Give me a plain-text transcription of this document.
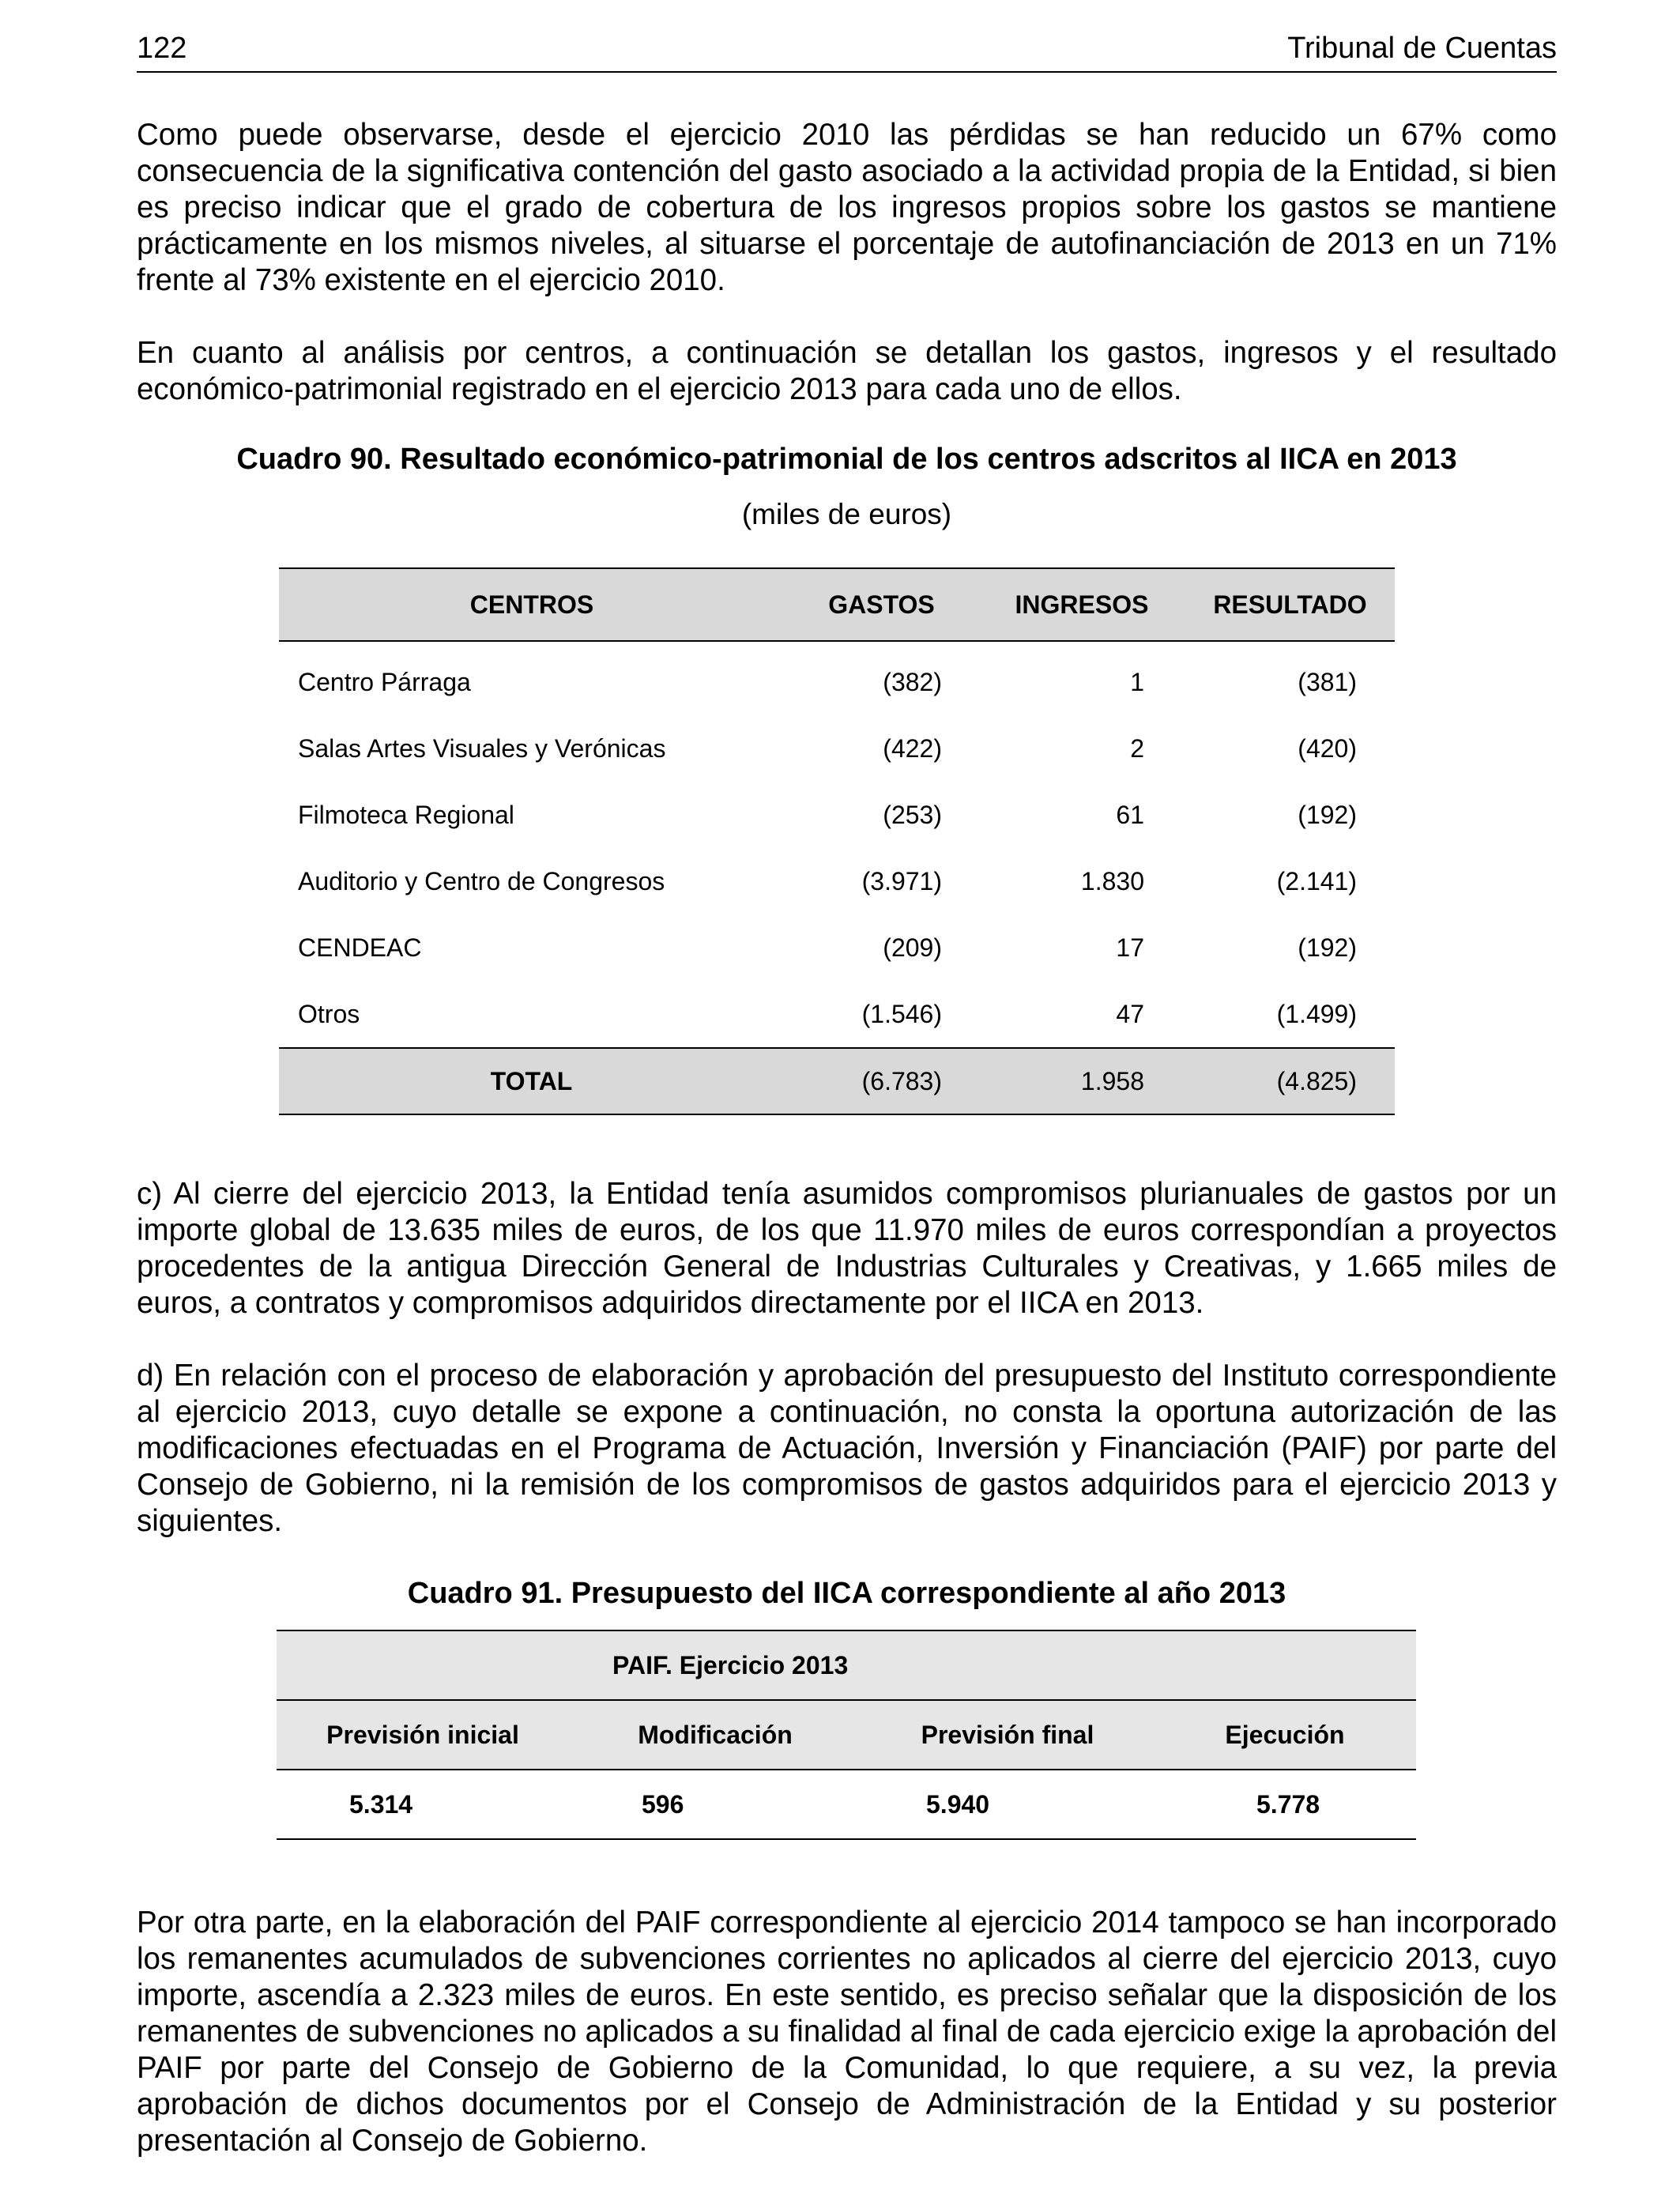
122	Tribunal de Cuentas

Como puede observarse, desde el ejercicio 2010 las pérdidas se han reducido un 67% como consecuencia de la significativa contención del gasto asociado a la actividad propia de la Entidad, si bien es preciso indicar que el grado de cobertura de los ingresos propios sobre los gastos se mantiene prácticamente en los mismos niveles, al situarse el porcentaje de autofinanciación de 2013 en un 71% frente al 73% existente en el ejercicio 2010.

En cuanto al análisis por centros, a continuación se detallan los gastos, ingresos y el resultado económico-patrimonial registrado en el ejercicio 2013 para cada uno de ellos.

Cuadro 90. Resultado económico-patrimonial de los centros adscritos al IICA en 2013

(miles de euros)

CENTROS	GASTOS	INGRESOS	RESULTADO
Centro Párraga	(382)	1	(381)
Salas Artes Visuales y Verónicas	(422)	2	(420)
Filmoteca Regional	(253)	61	(192)
Auditorio y Centro de Congresos	(3.971)	1.830	(2.141)
CENDEAC	(209)	17	(192)
Otros	(1.546)	47	(1.499)
TOTAL	(6.783)	1.958	(4.825)

c) Al cierre del ejercicio 2013, la Entidad tenía asumidos compromisos plurianuales de gastos por un importe global de 13.635 miles de euros, de los que 11.970 miles de euros correspondían a proyectos procedentes de la antigua Dirección General de Industrias Culturales y Creativas, y 1.665 miles de euros, a contratos y compromisos adquiridos directamente por el IICA en 2013.

d) En relación con el proceso de elaboración y aprobación del presupuesto del Instituto correspondiente al ejercicio 2013, cuyo detalle se expone a continuación, no consta la oportuna autorización de las modificaciones efectuadas en el Programa de Actuación, Inversión y Financiación (PAIF) por parte del Consejo de Gobierno, ni la remisión de los compromisos de gastos adquiridos para el ejercicio 2013 y siguientes.

Cuadro 91. Presupuesto del IICA correspondiente al año 2013

	PAIF. Ejercicio 2013		
Previsión inicial	Modificación	Previsión final	Ejecución
5.314	596	5.940	5.778

Por otra parte, en la elaboración del PAIF correspondiente al ejercicio 2014 tampoco se han incorporado los remanentes acumulados de subvenciones corrientes no aplicados al cierre del ejercicio 2013, cuyo importe, ascendía a 2.323 miles de euros. En este sentido, es preciso señalar que la disposición de los remanentes de subvenciones no aplicados a su finalidad al final de cada ejercicio exige la aprobación del PAIF por parte del Consejo de Gobierno de la Comunidad, lo que requiere, a su vez, la previa aprobación de dichos documentos por el Consejo de Administración de la Entidad y su posterior presentación al Consejo de Gobierno.
